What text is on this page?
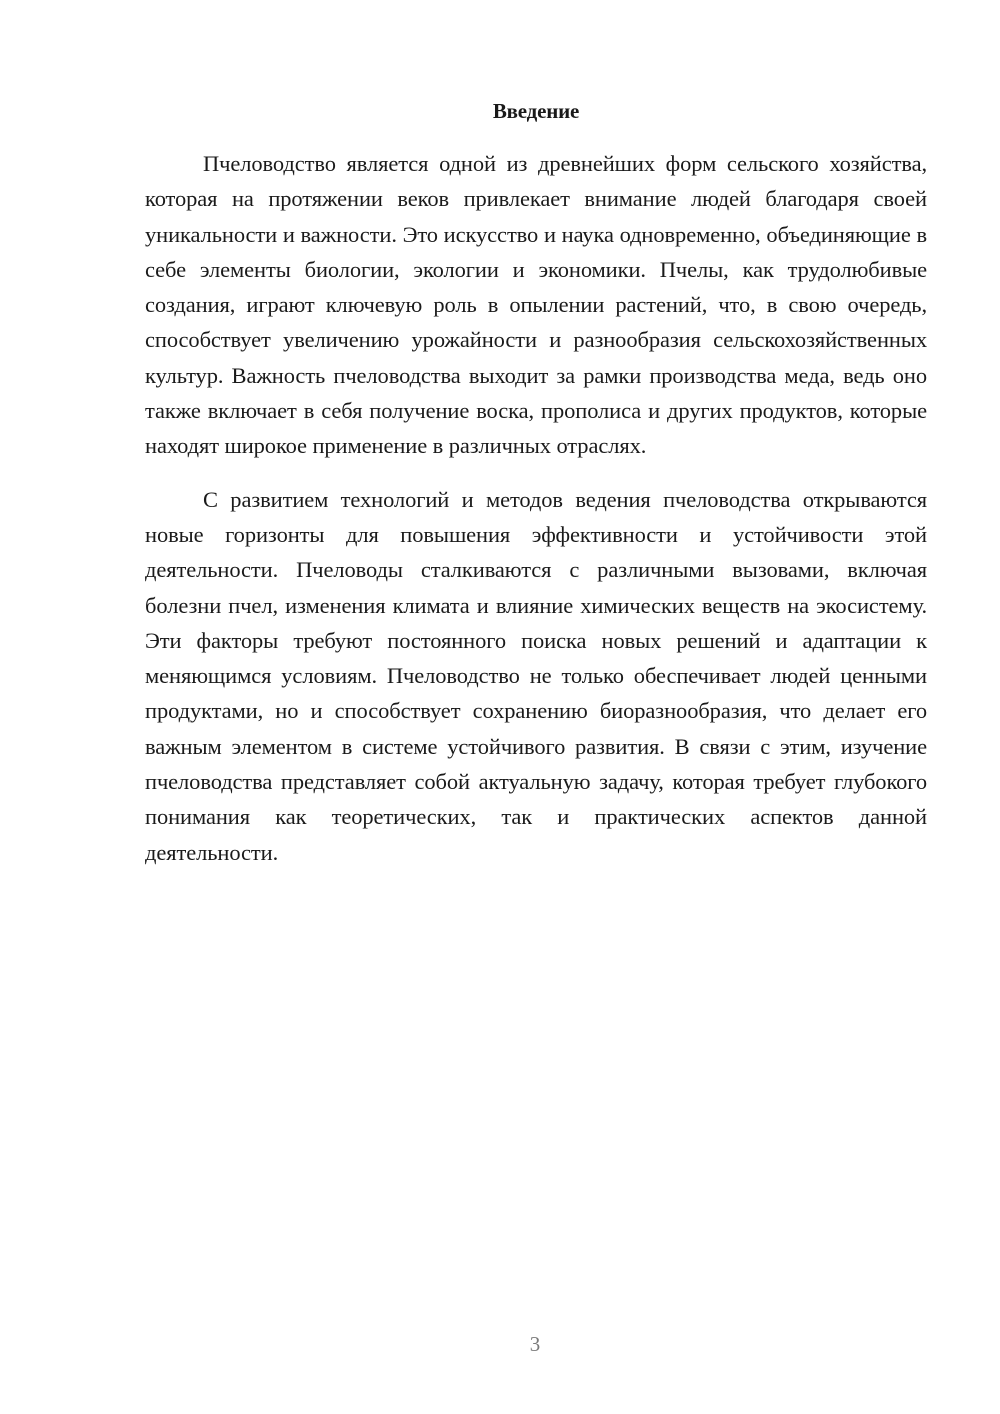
Введение

Пчеловодство является одной из древнейших форм сельского хозяйства, которая на протяжении веков привлекает внимание людей благодаря своей уникальности и важности. Это искусство и наука одновременно, объединяющие в себе элементы биологии, экологии и экономики. Пчелы, как трудолюбивые создания, играют ключевую роль в опылении растений, что, в свою очередь, способствует увеличению урожайности и разнообразия сельскохозяйственных культур. Важность пчеловодства выходит за рамки производства меда, ведь оно также включает в себя получение воска, прополиса и других продуктов, которые находят широкое применение в различных отраслях.

С развитием технологий и методов ведения пчеловодства открываются новые горизонты для повышения эффективности и устойчивости этой деятельности. Пчеловоды сталкиваются с различными вызовами, включая болезни пчел, изменения климата и влияние химических веществ на экосистему. Эти факторы требуют постоянного поиска новых решений и адаптации к меняющимся условиям. Пчеловодство не только обеспечивает людей ценными продуктами, но и способствует сохранению биоразнообразия, что делает его важным элементом в системе устойчивого развития. В связи с этим, изучение пчеловодства представляет собой актуальную задачу, которая требует глубокого понимания как теоретических, так и практических аспектов данной деятельности.

3
